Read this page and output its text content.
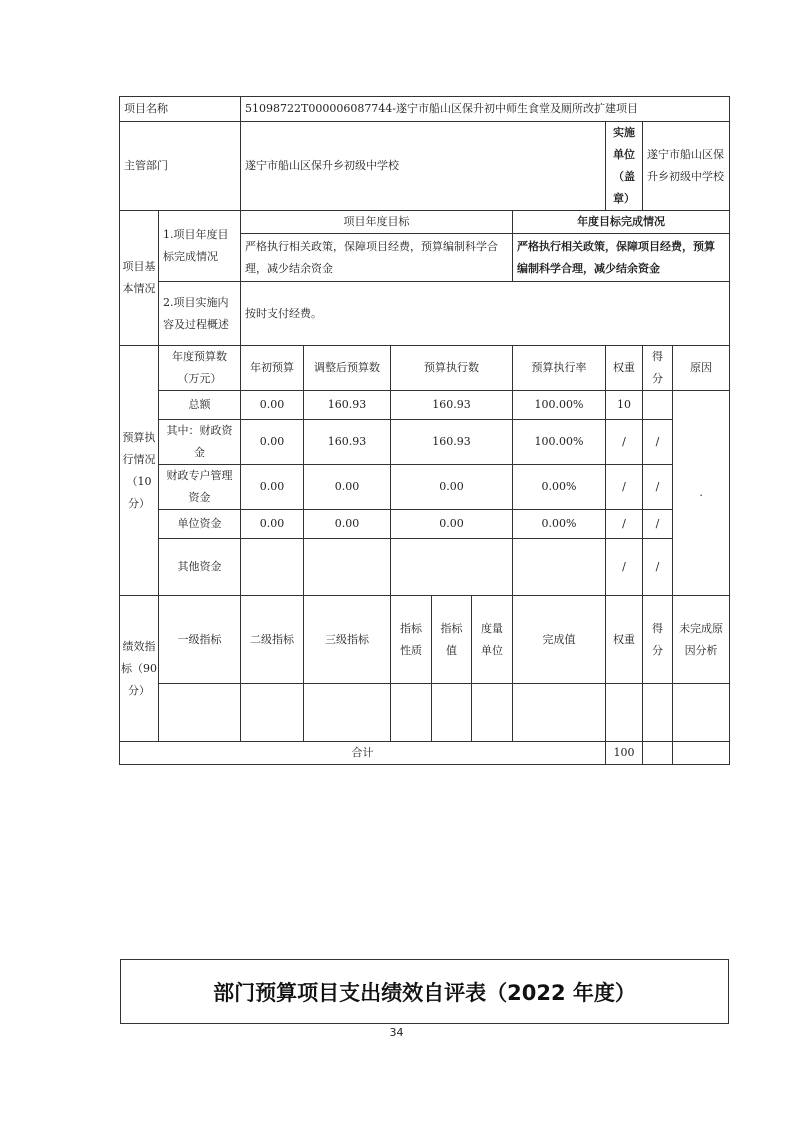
项目名称		51098722T000006087744-遂宁市船山区保升初中师生食堂及厕所改扩建项目								
主管部门		遂宁市船山区保升乡初级中学校						实施单位（盖章）	遂宁市船山区保升乡初级中学校	
项目基本情况	1.项目年度目标完成情况	项目年度目标					年度目标完成情况			
		严格执行相关政策，保障项目经费，预算编制科学合理，减少结余资金					严格执行相关政策，保障项目经费，预算编制科学合理，减少结余资金			
	2.项目实施内容及过程概述	按时支付经费。								
预算执行情况（10分）	年度预算数（万元）	年初预算	调整后预算数	预算执行数			预算执行率	权重	得分	原因
	总额	0.00	160.93	160.93			100.00%	10		.
	其中：财政资金	0.00	160.93	160.93			100.00%	/	/	
	财政专户管理资金	0.00	0.00	0.00			0.00%	/	/	
	单位资金	0.00	0.00	0.00			0.00%	/	/	
	其他资金							/	/	
绩效指标（90分）	一级指标	二级指标	三级指标	指标性质	指标值	度量单位	完成值	权重	得分	未完成原因分析

合计								100		
部门预算项目支出绩效自评表（2022 年度）
34
